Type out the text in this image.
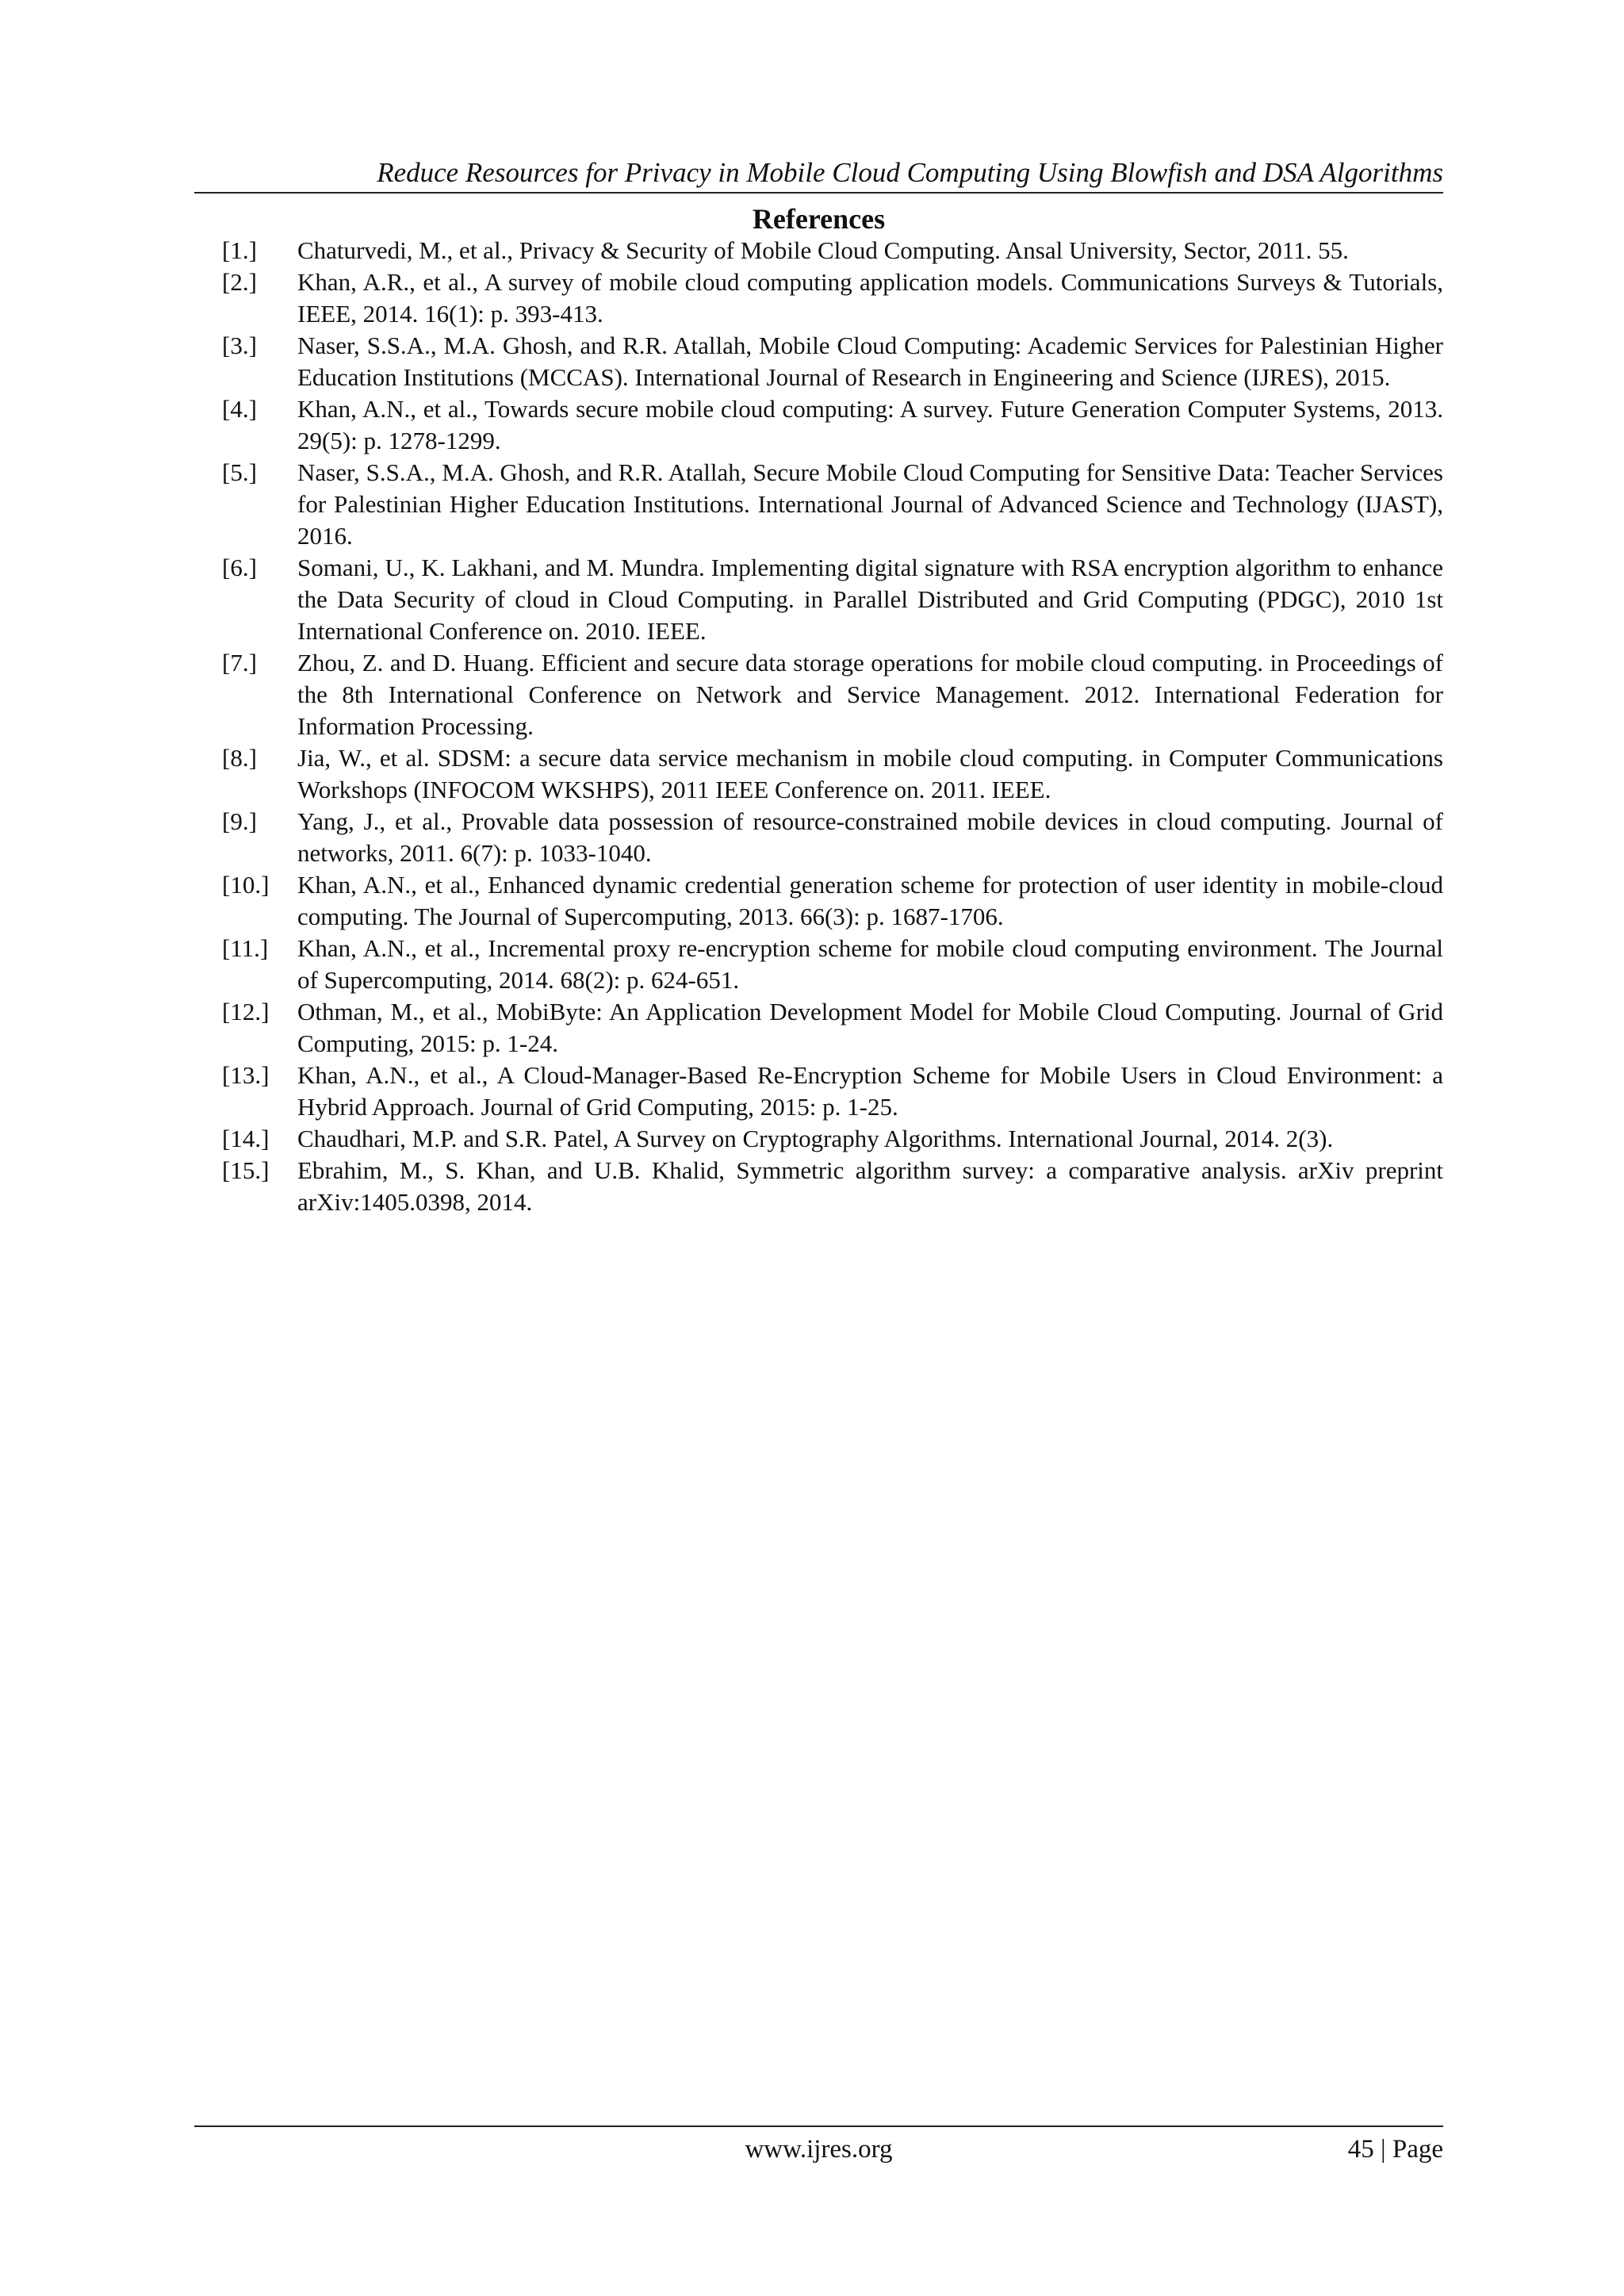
Reduce Resources for Privacy in Mobile Cloud Computing Using Blowfish and DSA Algorithms
References
[1.]	Chaturvedi, M., et al., Privacy & Security of Mobile Cloud Computing. Ansal University, Sector, 2011. 55.
[2.]	Khan, A.R., et al., A survey of mobile cloud computing application models. Communications Surveys & Tutorials, IEEE, 2014. 16(1): p. 393-413.
[3.]	Naser, S.S.A., M.A. Ghosh, and R.R. Atallah, Mobile Cloud Computing: Academic Services for Palestinian Higher Education Institutions (MCCAS). International Journal of Research in Engineering and Science (IJRES), 2015.
[4.]	Khan, A.N., et al., Towards secure mobile cloud computing: A survey. Future Generation Computer Systems, 2013. 29(5): p. 1278-1299.
[5.]	Naser, S.S.A., M.A. Ghosh, and R.R. Atallah, Secure Mobile Cloud Computing for Sensitive Data: Teacher Services for Palestinian Higher Education Institutions. International Journal of Advanced Science and Technology (IJAST), 2016.
[6.]	Somani, U., K. Lakhani, and M. Mundra. Implementing digital signature with RSA encryption algorithm to enhance the Data Security of cloud in Cloud Computing. in Parallel Distributed and Grid Computing (PDGC), 2010 1st International Conference on. 2010. IEEE.
[7.]	Zhou, Z. and D. Huang. Efficient and secure data storage operations for mobile cloud computing. in Proceedings of the 8th International Conference on Network and Service Management. 2012. International Federation for Information Processing.
[8.]	Jia, W., et al. SDSM: a secure data service mechanism in mobile cloud computing. in Computer Communications Workshops (INFOCOM WKSHPS), 2011 IEEE Conference on. 2011. IEEE.
[9.]	Yang, J., et al., Provable data possession of resource-constrained mobile devices in cloud computing. Journal of networks, 2011. 6(7): p. 1033-1040.
[10.]	Khan, A.N., et al., Enhanced dynamic credential generation scheme for protection of user identity in mobile-cloud computing. The Journal of Supercomputing, 2013. 66(3): p. 1687-1706.
[11.]	Khan, A.N., et al., Incremental proxy re-encryption scheme for mobile cloud computing environment. The Journal of Supercomputing, 2014. 68(2): p. 624-651.
[12.]	Othman, M., et al., MobiByte: An Application Development Model for Mobile Cloud Computing. Journal of Grid Computing, 2015: p. 1-24.
[13.]	Khan, A.N., et al., A Cloud-Manager-Based Re-Encryption Scheme for Mobile Users in Cloud Environment: a Hybrid Approach. Journal of Grid Computing, 2015: p. 1-25.
[14.]	Chaudhari, M.P. and S.R. Patel, A Survey on Cryptography Algorithms. International Journal, 2014. 2(3).
[15.]	Ebrahim, M., S. Khan, and U.B. Khalid, Symmetric algorithm survey: a comparative analysis. arXiv preprint arXiv:1405.0398, 2014.
www.ijres.org	45 | Page
